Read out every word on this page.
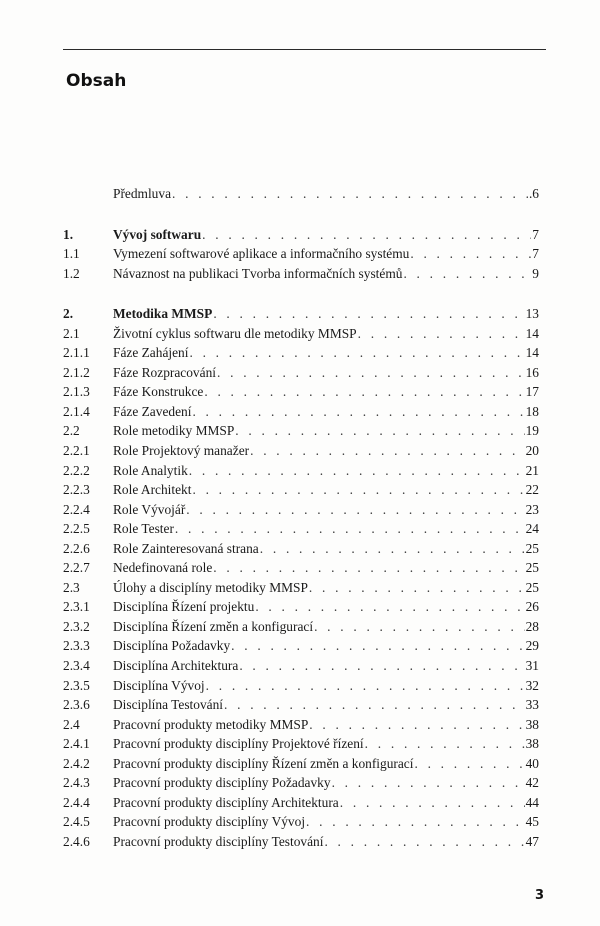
Obsah
Předmluva . . .	.6
1.	Vývoj softwaru . . .	7
1.1	Vymezení softwarové aplikace a informačního systému . . .	7
1.2	Návaznost na publikaci Tvorba informačních systémů . . .	9
2.	Metodika MMSP . . .	13
2.1	Životní cyklus softwaru dle metodiky MMSP . . .	14
2.1.1	Fáze Zahájení . . .	14
2.1.2	Fáze Rozpracování . . .	16
2.1.3	Fáze Konstrukce . . .	17
2.1.4	Fáze Zavedení . . .	18
2.2	Role metodiky MMSP . . .	19
2.2.1	Role Projektový manažer . . .	20
2.2.2	Role Analytik . . .	21
2.2.3	Role Architekt . . .	22
2.2.4	Role Vývojář . . .	23
2.2.5	Role Tester . . .	24
2.2.6	Role Zainteresovaná strana . . .	25
2.2.7	Nedefinovaná role . . .	25
2.3	Úlohy a disciplíny metodiky MMSP . . .	25
2.3.1	Disciplína Řízení projektu . . .	26
2.3.2	Disciplína Řízení změn a konfigurací . . .	28
2.3.3	Disciplína Požadavky . . .	29
2.3.4	Disciplína Architektura . . .	31
2.3.5	Disciplína Vývoj . . .	32
2.3.6	Disciplína Testování . . .	33
2.4	Pracovní produkty metodiky MMSP . . .	38
2.4.1	Pracovní produkty disciplíny Projektové řízení . . .	38
2.4.2	Pracovní produkty disciplíny Řízení změn a konfigurací . . .	40
2.4.3	Pracovní produkty disciplíny Požadavky . . .	42
2.4.4	Pracovní produkty disciplíny Architektura . . .	44
2.4.5	Pracovní produkty disciplíny Vývoj . . .	45
2.4.6	Pracovní produkty disciplíny Testování . . .	47
3
